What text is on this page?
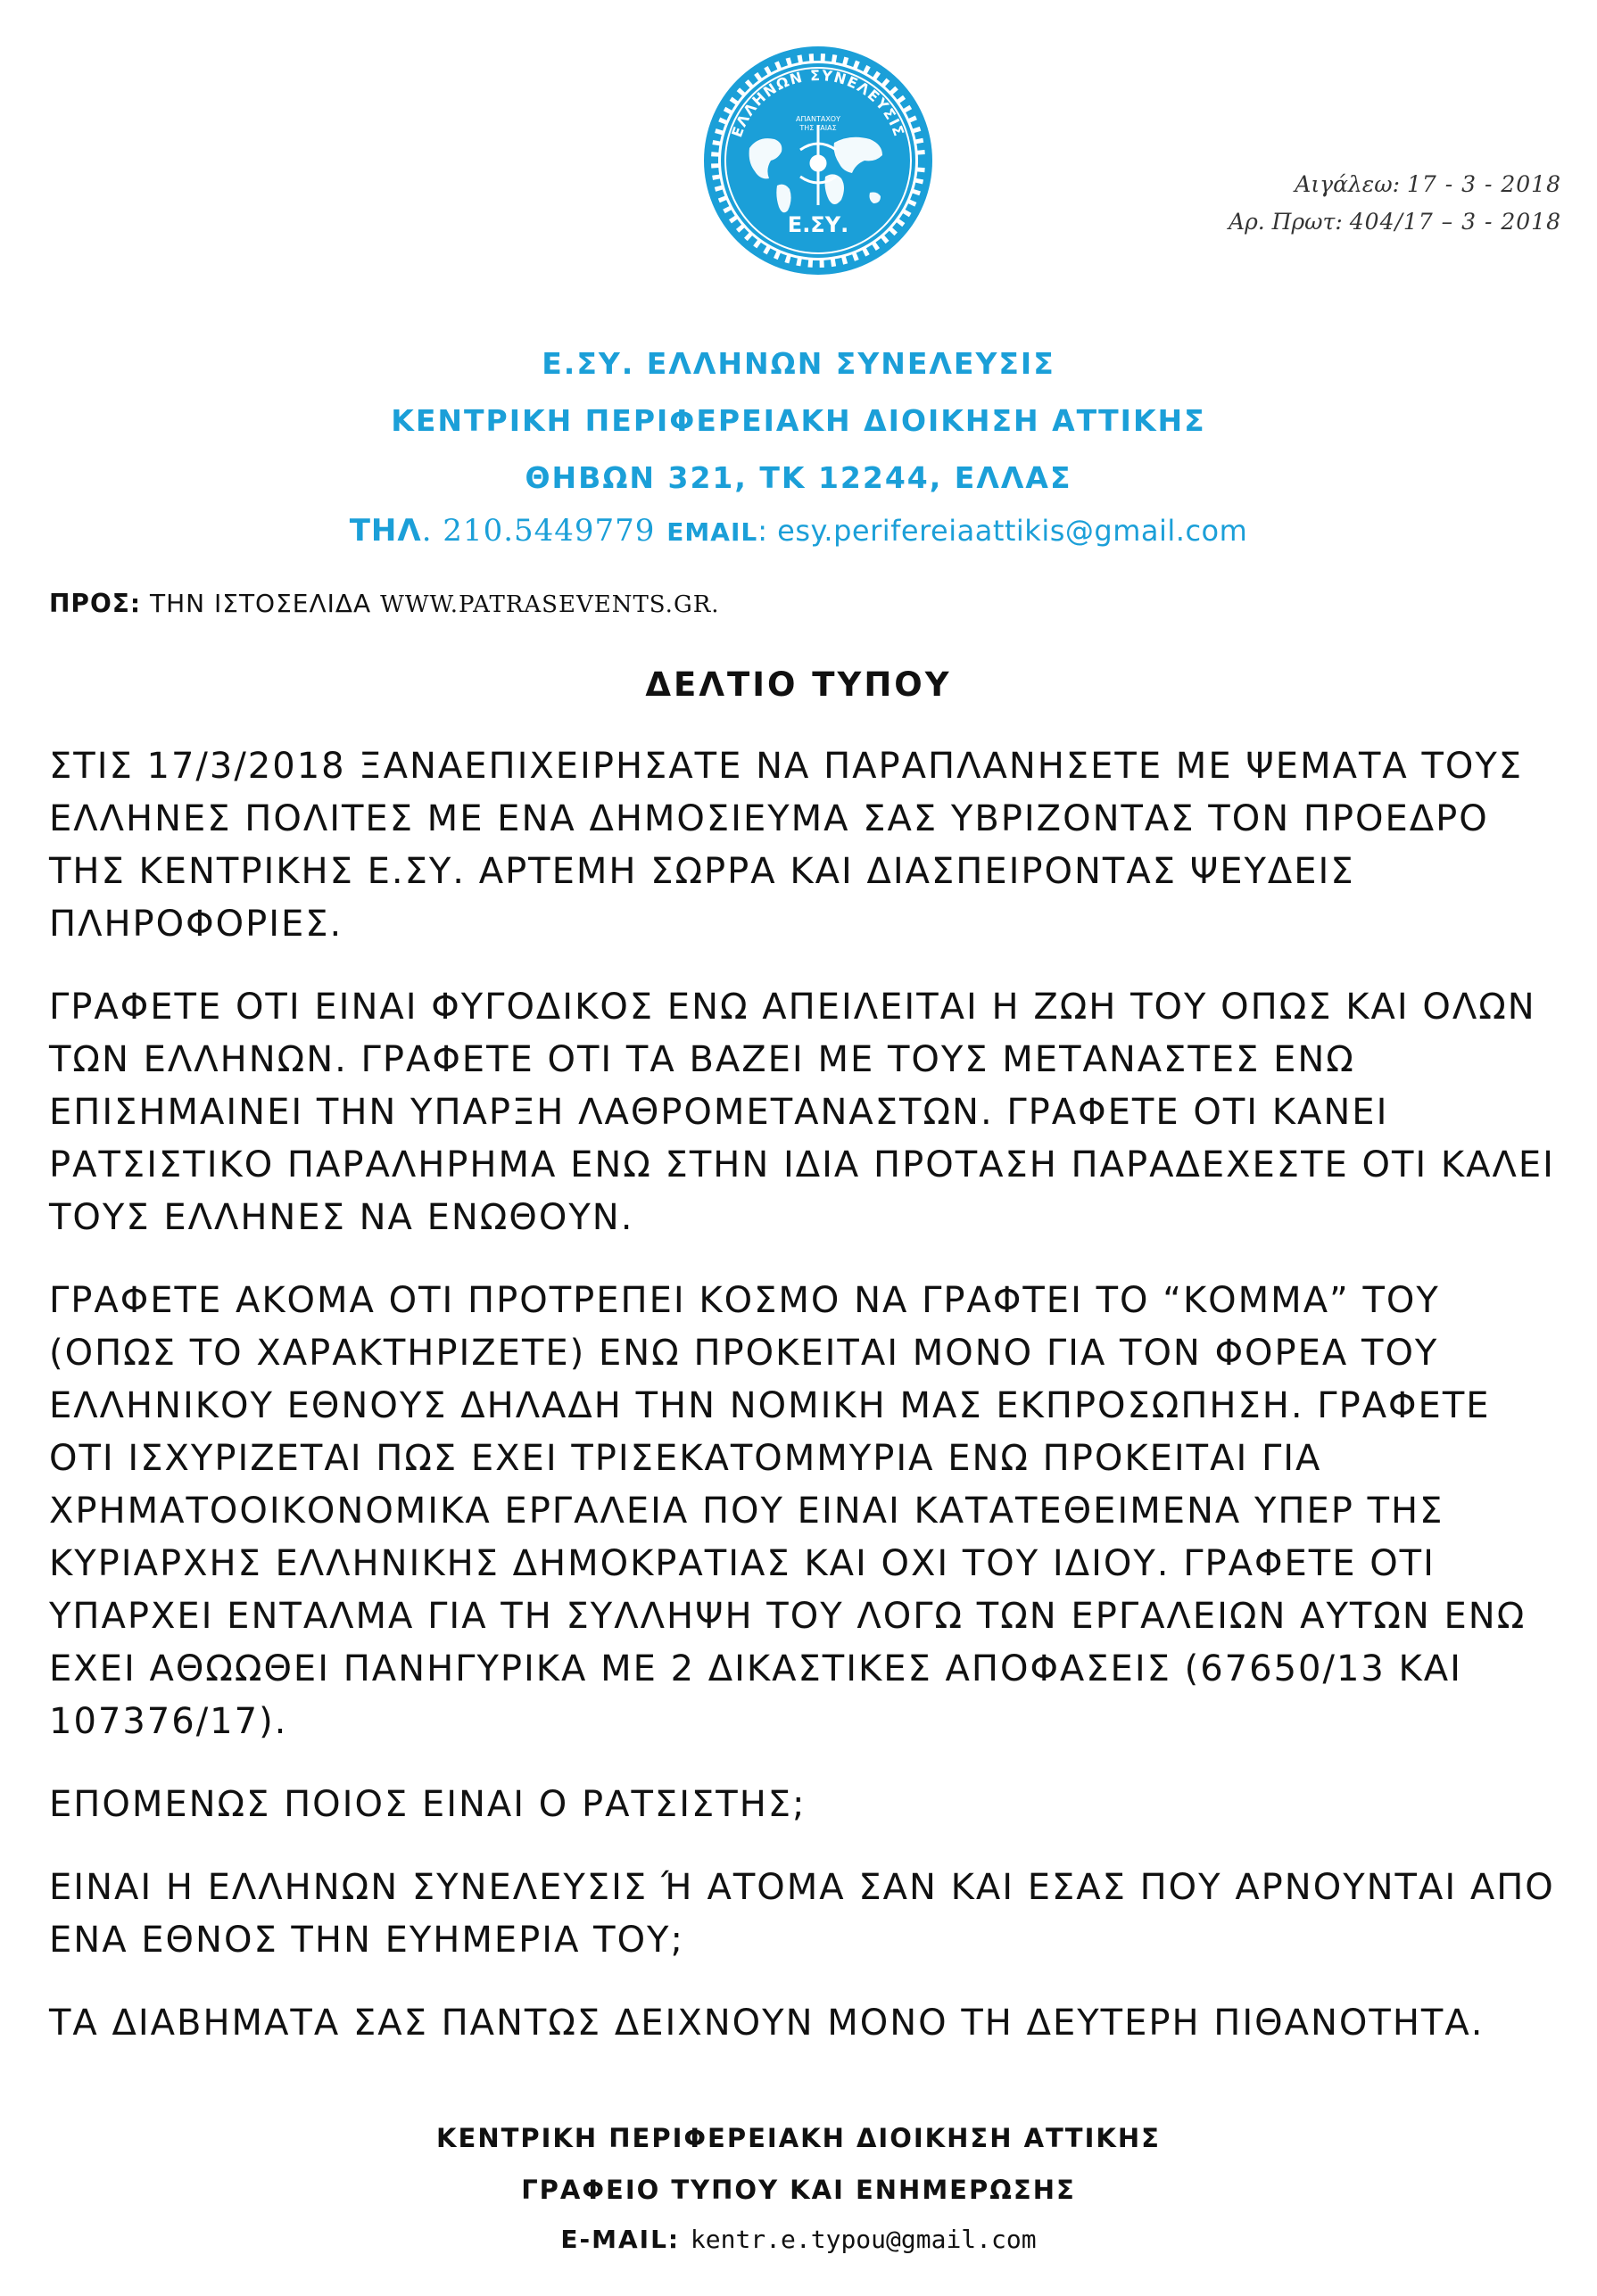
ΕΛΛΗΝΩΝ ΣΥΝΕΛΕΥΣΙΣ
ΑΠΑΝΤΑΧΟΥ
ΤΗΣ ΓΑΙΑΣ
Ε.ΣΥ.
Αιγάλεω: 17 - 3 - 2018
Αρ. Πρωτ: 404/17 – 3 - 2018
Ε.ΣΥ. ΕΛΛΗΝΩΝ ΣΥΝΕΛΕΥΣΙΣ
ΚΕΝΤΡΙΚΗ ΠΕΡΙΦΕΡΕΙΑΚΗ ΔΙΟΙΚΗΣΗ ΑΤΤΙΚΗΣ
ΘΗΒΩΝ 321, ΤΚ 12244, ΕΛΛΑΣ
ΤΗΛ. 210.5449779 EMAIL: esy.perifereiaattikis@gmail.com
ΠΡΟΣ: ΤΗΝ ΙΣΤΟΣΕΛΙΔΑ WWW.PATRASEVENTS.GR.
ΔΕΛΤΙΟ ΤΥΠΟΥ

ΣΤΙΣ 17/3/2018 ΞΑΝΑΕΠΙΧΕΙΡΗΣΑΤΕ ΝΑ ΠΑΡΑΠΛΑΝΗΣΕΤΕ ΜΕ ΨΕΜΑΤΑ ΤΟΥΣ ΕΛΛΗΝΕΣ ΠΟΛΙΤΕΣ ΜΕ ΕΝΑ ΔΗΜΟΣΙΕΥΜΑ ΣΑΣ ΥΒΡΙΖΟΝΤΑΣ ΤΟΝ ΠΡΟΕΔΡΟ ΤΗΣ ΚΕΝΤΡΙΚΗΣ Ε.ΣΥ. ΑΡΤΕΜΗ ΣΩΡΡΑ ΚΑΙ ΔΙΑΣΠΕΙΡΟΝΤΑΣ ΨΕΥΔΕΙΣ ΠΛΗΡΟΦΟΡΙΕΣ.

ΓΡΑΦΕΤΕ ΟΤΙ ΕΙΝΑΙ ΦΥΓΟΔΙΚΟΣ ΕΝΩ ΑΠΕΙΛΕΙΤΑΙ Η ΖΩΗ ΤΟΥ ΟΠΩΣ ΚΑΙ ΟΛΩΝ ΤΩΝ ΕΛΛΗΝΩΝ. ΓΡΑΦΕΤΕ ΟΤΙ ΤΑ ΒΑΖΕΙ ΜΕ ΤΟΥΣ ΜΕΤΑΝΑΣΤΕΣ ΕΝΩ ΕΠΙΣΗΜΑΙΝΕΙ ΤΗΝ ΥΠΑΡΞΗ ΛΑΘΡΟΜΕΤΑΝΑΣΤΩΝ. ΓΡΑΦΕΤΕ ΟΤΙ ΚΑΝΕΙ ΡΑΤΣΙΣΤΙΚΟ ΠΑΡΑΛΗΡΗΜΑ ΕΝΩ ΣΤΗΝ ΙΔΙΑ ΠΡΟΤΑΣΗ ΠΑΡΑΔΕΧΕΣΤΕ ΟΤΙ ΚΑΛΕΙ ΤΟΥΣ ΕΛΛΗΝΕΣ ΝΑ ΕΝΩΘΟΥΝ.

ΓΡΑΦΕΤΕ ΑΚΟΜΑ ΟΤΙ ΠΡΟΤΡΕΠΕΙ ΚΟΣΜΟ ΝΑ ΓΡΑΦΤΕΙ ΤΟ “ΚΟΜΜΑ” ΤΟΥ (ΟΠΩΣ ΤΟ ΧΑΡΑΚΤΗΡΙΖΕΤΕ) ΕΝΩ ΠΡΟΚΕΙΤΑΙ ΜΟΝΟ ΓΙΑ ΤΟΝ ΦΟΡΕΑ ΤΟΥ ΕΛΛΗΝΙΚΟΥ ΕΘΝΟΥΣ ΔΗΛΑΔΗ ΤΗΝ ΝΟΜΙΚΗ ΜΑΣ ΕΚΠΡΟΣΩΠΗΣΗ. ΓΡΑΦΕΤΕ ΟΤΙ ΙΣΧΥΡΙΖΕΤΑΙ ΠΩΣ ΕΧΕΙ ΤΡΙΣΕΚΑΤΟΜΜΥΡΙΑ ΕΝΩ ΠΡΟΚΕΙΤΑΙ ΓΙΑ ΧΡΗΜΑΤΟΟΙΚΟΝΟΜΙΚΑ ΕΡΓΑΛΕΙΑ ΠΟΥ ΕΙΝΑΙ ΚΑΤΑΤΕΘΕΙΜΕΝΑ ΥΠΕΡ ΤΗΣ ΚΥΡΙΑΡΧΗΣ ΕΛΛΗΝΙΚΗΣ ΔΗΜΟΚΡΑΤΙΑΣ ΚΑΙ ΟΧΙ ΤΟΥ ΙΔΙΟΥ. ΓΡΑΦΕΤΕ ΟΤΙ ΥΠΑΡΧΕΙ ΕΝΤΑΛΜΑ ΓΙΑ ΤΗ ΣΥΛΛΗΨΗ ΤΟΥ ΛΟΓΩ ΤΩΝ ΕΡΓΑΛΕΙΩΝ ΑΥΤΩΝ ΕΝΩ ΕΧΕΙ ΑΘΩΩΘΕΙ ΠΑΝΗΓΥΡΙΚΑ ΜΕ 2 ΔΙΚΑΣΤΙΚΕΣ ΑΠΟΦΑΣΕΙΣ (67650/13 ΚΑΙ 107376/17).

ΕΠΟΜΕΝΩΣ ΠΟΙΟΣ ΕΙΝΑΙ Ο ΡΑΤΣΙΣΤΗΣ;

ΕΙΝΑΙ Η ΕΛΛΗΝΩΝ ΣΥΝΕΛΕΥΣΙΣ Ή ΑΤΟΜΑ ΣΑΝ ΚΑΙ ΕΣΑΣ ΠΟΥ ΑΡΝΟΥΝΤΑΙ ΑΠΟ ΕΝΑ ΕΘΝΟΣ ΤΗΝ ΕΥΗΜΕΡΙΑ ΤΟΥ;

ΤΑ ΔΙΑΒΗΜΑΤΑ ΣΑΣ ΠΑΝΤΩΣ ΔΕΙΧΝΟΥΝ ΜΟΝΟ ΤΗ ΔΕΥΤΕΡΗ ΠΙΘΑΝΟΤΗΤΑ.

ΚΕΝΤΡΙΚΗ ΠΕΡΙΦΕΡΕΙΑΚΗ ΔΙΟΙΚΗΣΗ ΑΤΤΙΚΗΣ
ΓΡΑΦΕΙΟ ΤΥΠΟΥ ΚΑΙ ΕΝΗΜΕΡΩΣΗΣ
E-MAIL: kentr.e.typou@gmail.com
